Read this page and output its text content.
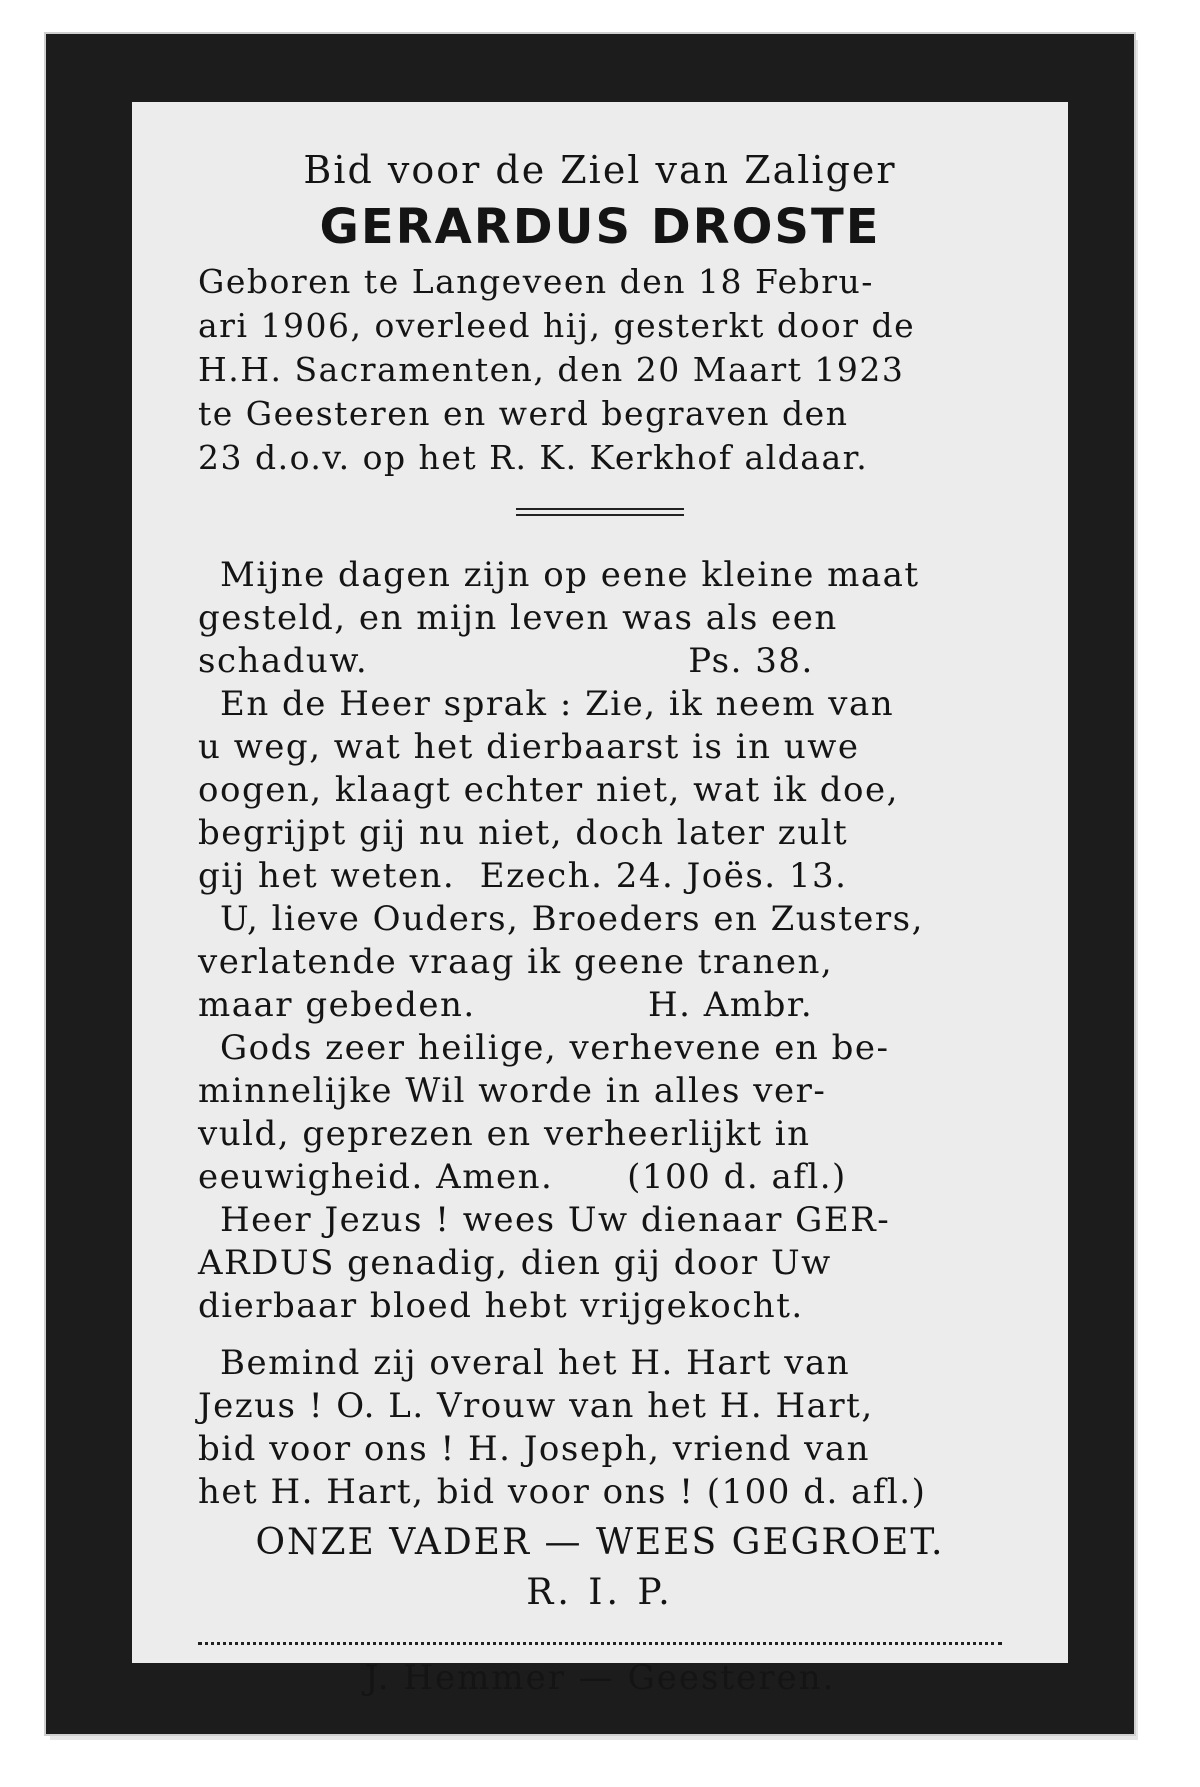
Bid voor de Ziel van Zaliger
GERARDUS DROSTE
Geboren te Langeveen den 18 Febru-
ari 1906, overleed hij, gesterkt door de
H.H. Sacramenten, den 20 Maart 1923
te Geesteren en werd begraven den
23 d.o.v. op het R. K. Kerkhof aldaar.
Mijne dagen zijn op eene kleine maat
gesteld, en mijn leven was als een
schaduw.                          Ps. 38.
En de Heer sprak : Zie, ik neem van
u weg, wat het dierbaarst is in uwe
oogen, klaagt echter niet, wat ik doe,
begrijpt gij nu niet, doch later zult
gij het weten.  Ezech. 24. Joës. 13.
U, lieve Ouders, Broeders en Zusters,
verlatende vraag ik geene tranen,
maar gebeden.              H. Ambr.
Gods zeer heilige, verhevene en be-
minnelijke Wil worde in alles ver-
vuld, geprezen en verheerlijkt in
eeuwigheid. Amen.      (100 d. afl.)
Heer Jezus ! wees Uw dienaar GER-
ARDUS genadig, dien gij door Uw
dierbaar bloed hebt vrijgekocht.
Bemind zij overal het H. Hart van
Jezus ! O. L. Vrouw van het H. Hart,
bid voor ons ! H. Joseph, vriend van
het H. Hart, bid voor ons ! (100 d. afl.)
ONZE VADER — WEES GEGROET.
R. I. P.
J. Hemmer — Geesteren.
